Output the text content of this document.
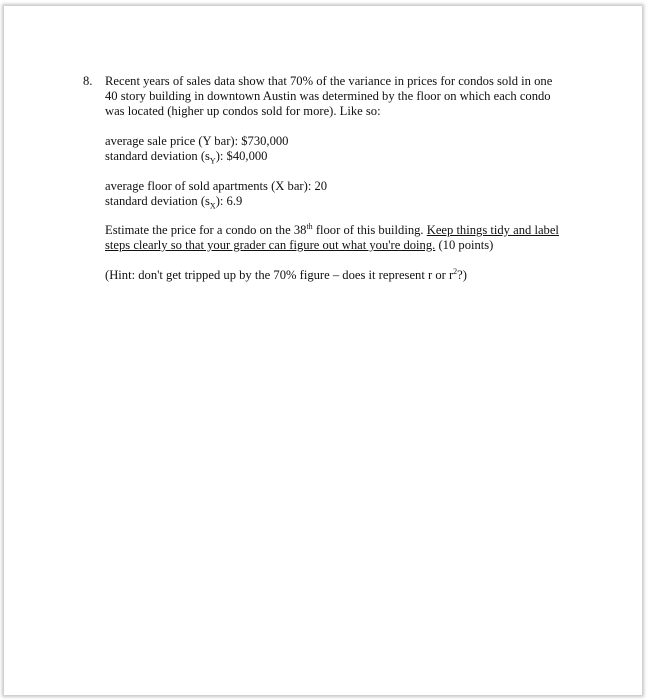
8. Recent years of sales data show that 70% of the variance in prices for condos sold in one 40 story building in downtown Austin was determined by the floor on which each condo was located (higher up condos sold for more). Like so:

average sale price (Y bar): $730,000

standard deviation $(s_Y)$: $40,000

average floor of sold apartments (X bar): 20

standard deviation $(s_X)$: 6.9

Estimate the price for a condo on the 38th floor of this building. Keep things tidy and label steps clearly so that your grader can figure out what you're doing. (10 points)

(Hint: don't get tripped up by the 70% figure – does it represent r or $r^2$?)
